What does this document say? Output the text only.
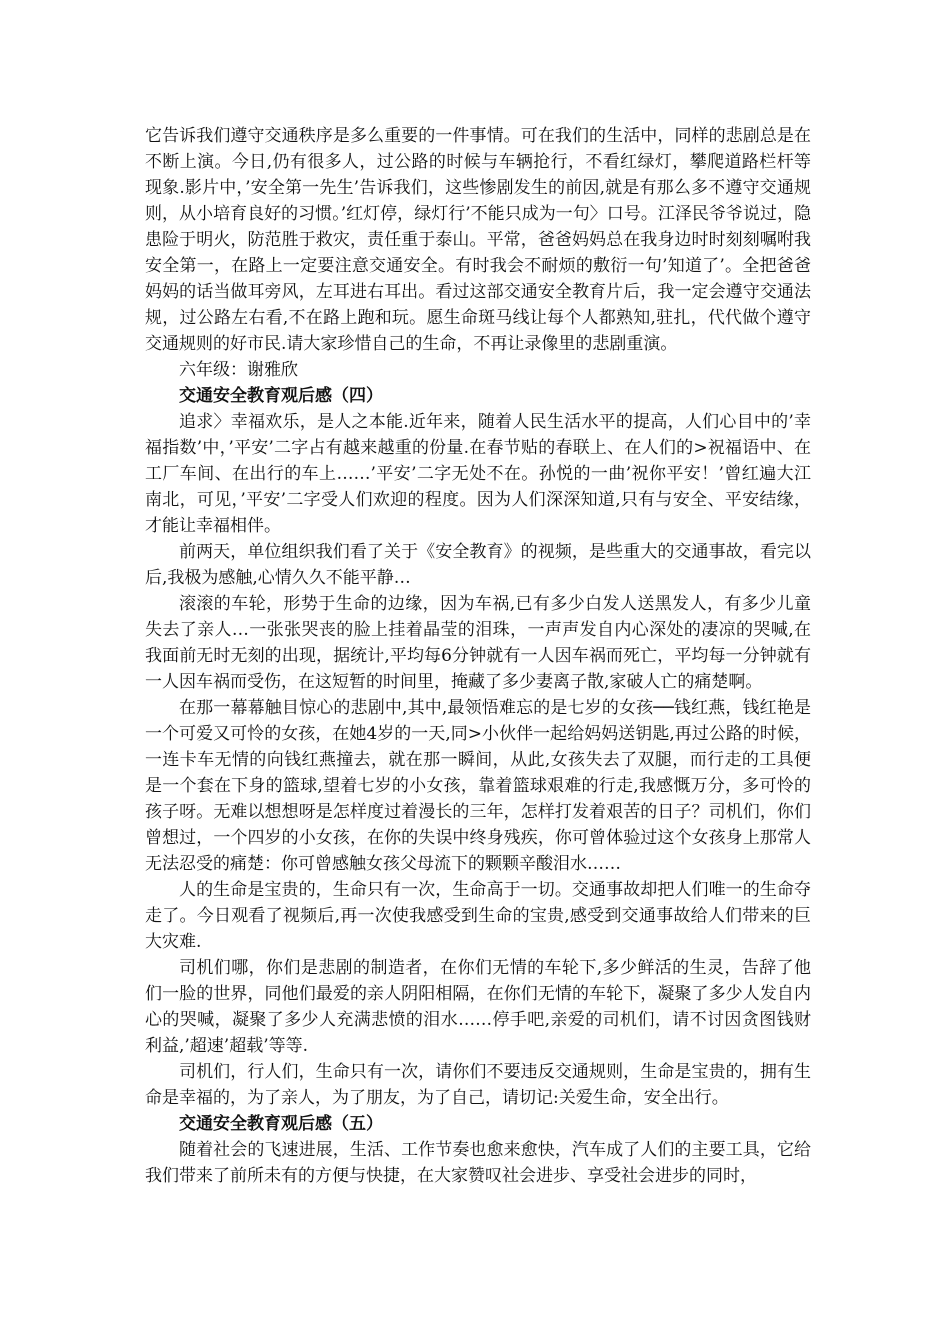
它告诉我们遵守交通秩序是多么重要的一件事情。可在我们的生活中，同样的悲剧总是在不断上演。今日,仍有很多人，过公路的时候与车辆抢行，不看红绿灯，攀爬道路栏杆等现象.影片中，’安全第一先生’告诉我们，这些惨剧发生的前因,就是有那么多不遵守交通规则，从小培育良好的习惯。’红灯停，绿灯行’不能只成为一句〉口号。江泽民爷爷说过，隐患险于明火，防范胜于救灾，责任重于泰山。平常，爸爸妈妈总在我身边时时刻刻嘱咐我安全第一，在路上一定要注意交通安全。有时我会不耐烦的敷衍一句’知道了’。全把爸爸妈妈的话当做耳旁风，左耳进右耳出。看过这部交通安全教育片后，我一定会遵守交通法规，过公路左右看,不在路上跑和玩。愿生命斑马线让每个人都熟知,驻扎，代代做个遵守交通规则的好市民.请大家珍惜自己的生命，不再让录像里的悲剧重演。

六年级：谢雅欣

交通安全教育观后感（四）

追求〉幸福欢乐，是人之本能.近年来，随着人民生活水平的提高，人们心目中的’幸福指数’中，’平安’二字占有越来越重的份量.在春节贴的春联上、在人们的>祝福语中、在工厂车间、在出行的车上……’平安’二字无处不在。孙悦的一曲’祝你平安！’曾红遍大江南北，可见，’平安’二字受人们欢迎的程度。因为人们深深知道,只有与安全、平安结缘，才能让幸福相伴。

前两天，单位组织我们看了关于《安全教育》的视频，是些重大的交通事故，看完以后,我极为感触,心情久久不能平静…

滚滚的车轮，形势于生命的边缘，因为车祸,已有多少白发人送黑发人，有多少儿童失去了亲人…一张张哭丧的脸上挂着晶莹的泪珠，一声声发自内心深处的凄凉的哭喊,在我面前无时无刻的出现，据统计,平均每6分钟就有一人因车祸而死亡，平均每一分钟就有一人因车祸而受伤，在这短暂的时间里，掩藏了多少妻离子散,家破人亡的痛楚啊。

在那一幕幕触目惊心的悲剧中,其中,最领悟难忘的是七岁的女孩──钱红燕，钱红艳是一个可爱又可怜的女孩，在她4岁的一天,同>小伙伴一起给妈妈送钥匙,再过公路的时候，一连卡车无情的向钱红燕撞去，就在那一瞬间，从此,女孩失去了双腿，而行走的工具便是一个套在下身的篮球,望着七岁的小女孩，靠着篮球艰难的行走,我感慨万分，多可怜的孩子呀。无难以想想呀是怎样度过着漫长的三年，怎样打发着艰苦的日子？司机们，你们曾想过，一个四岁的小女孩，在你的失误中终身残疾，你可曾体验过这个女孩身上那常人无法忍受的痛楚：你可曾感触女孩父母流下的颗颗辛酸泪水……

人的生命是宝贵的，生命只有一次，生命高于一切。交通事故却把人们唯一的生命夺走了。今日观看了视频后,再一次使我感受到生命的宝贵,感受到交通事故给人们带来的巨大灾难.

司机们哪，你们是悲剧的制造者，在你们无情的车轮下,多少鲜活的生灵，告辞了他们一脸的世界，同他们最爱的亲人阴阳相隔，在你们无情的车轮下，凝聚了多少人发自内心的哭喊，凝聚了多少人充满悲愤的泪水……停手吧,亲爱的司机们，请不讨因贪图钱财利益,’超速’超载’等等.

司机们，行人们，生命只有一次，请你们不要违反交通规则，生命是宝贵的，拥有生命是幸福的，为了亲人，为了朋友，为了自己，请切记:关爱生命，安全出行。

交通安全教育观后感（五）

随着社会的飞速进展，生活、工作节奏也愈来愈快，汽车成了人们的主要工具，它给我们带来了前所未有的方便与快捷，在大家赞叹社会进步、享受社会进步的同时，
